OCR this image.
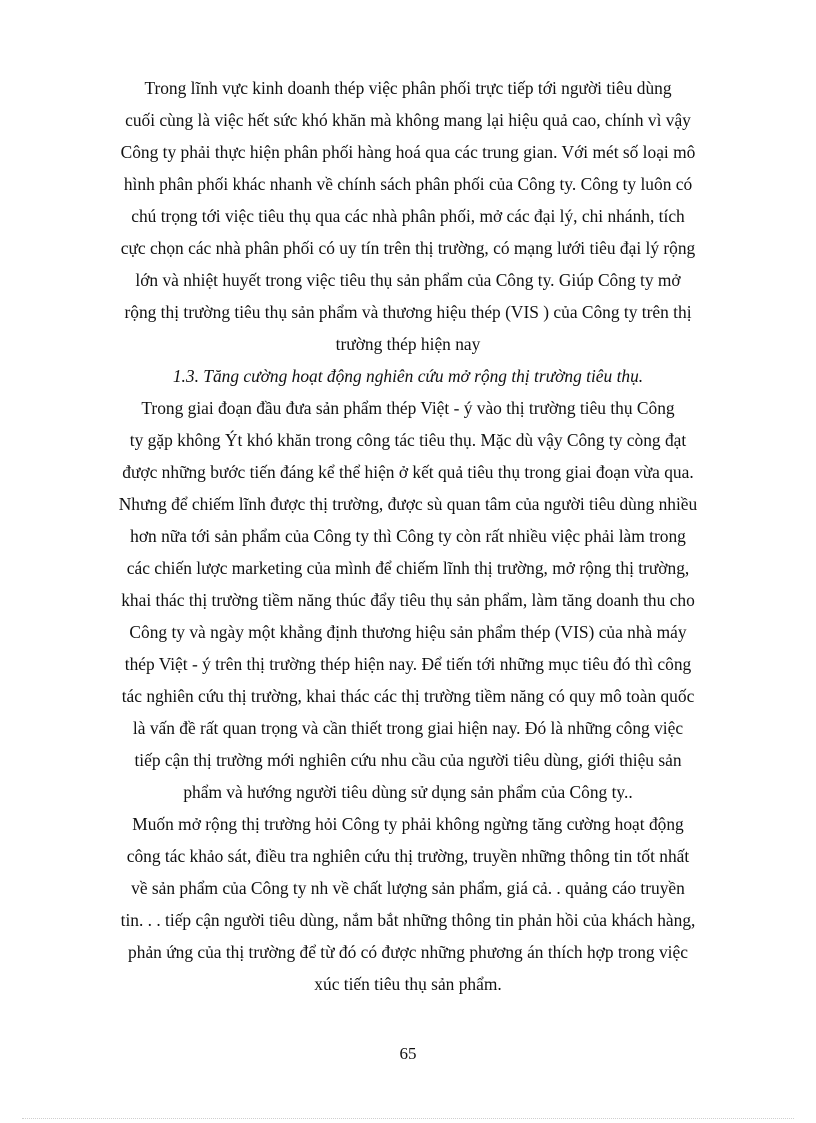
Trong lĩnh vực kinh doanh thép việc phân phối trực tiếp tới người tiêu dùng
cuối cùng là việc hết sức khó khăn mà không mang lại hiệu quả cao, chính vì vậy
Công ty phải thực hiện phân phối hàng hoá qua các trung gian. Với mét số loại mô
hình phân phối khác nhanh về chính sách phân phối của Công ty. Công ty luôn có
chú trọng tới việc tiêu thụ qua các nhà phân phối, mở các đại lý, chi nhánh, tích
cực chọn các nhà phân phối có uy tín trên thị trường, có mạng lưới tiêu đại lý rộng
lớn và nhiệt huyết trong việc tiêu thụ sản phẩm của Công ty. Giúp Công ty mở
rộng thị trường tiêu thụ sản phẩm và thương hiệu thép (VIS ) của Công ty trên thị
trường thép hiện nay
1.3. Tăng cường hoạt động nghiên cứu mở rộng thị trường tiêu thụ.
Trong giai đoạn đầu đưa sản phẩm thép Việt - ý vào thị trường tiêu thụ Công
ty gặp không Ýt khó khăn trong công tác tiêu thụ. Mặc dù vậy Công ty còng đạt
được những bước tiến đáng kể thể hiện ở kết quả tiêu thụ trong giai đoạn vừa qua.
Nhưng để chiếm lĩnh được thị trường, được sù quan tâm của người tiêu dùng nhiều
hơn nữa tới sản phẩm của Công ty thì Công ty còn rất nhiều việc phải làm trong
các chiến lược marketing của mình để chiếm lĩnh thị trường, mở rộng thị trường,
khai thác thị trường tiềm năng thúc đẩy tiêu thụ sản phẩm, làm tăng doanh thu cho
Công ty và ngày một khẳng định thương hiệu sản phẩm thép (VIS) của nhà máy
thép Việt - ý trên thị trường thép hiện nay. Để tiến tới những mục tiêu đó thì công
tác nghiên cứu thị trường, khai thác các thị trường tiềm năng có quy mô toàn quốc
là vấn đề rất quan trọng và cần thiết trong giai hiện nay. Đó là những công việc
tiếp cận thị trường mới nghiên cứu nhu cầu của người tiêu dùng, giới thiệu sản
phẩm và hướng người tiêu dùng sử dụng sản phẩm của Công ty..
Muốn mở rộng thị trường hỏi Công ty phải không ngừng tăng cường hoạt động
công tác khảo sát, điều tra nghiên cứu thị trường, truyền những thông tin tốt nhất
về sản phẩm của Công ty nh về chất lượng sản phẩm, giá cả. . quảng cáo truyền
tin. . . tiếp cận người tiêu dùng, nắm bắt những thông tin phản hồi của khách hàng,
phản ứng của thị trường để từ đó có được những phương án thích hợp trong việc
xúc tiến tiêu thụ sản phẩm.
65
